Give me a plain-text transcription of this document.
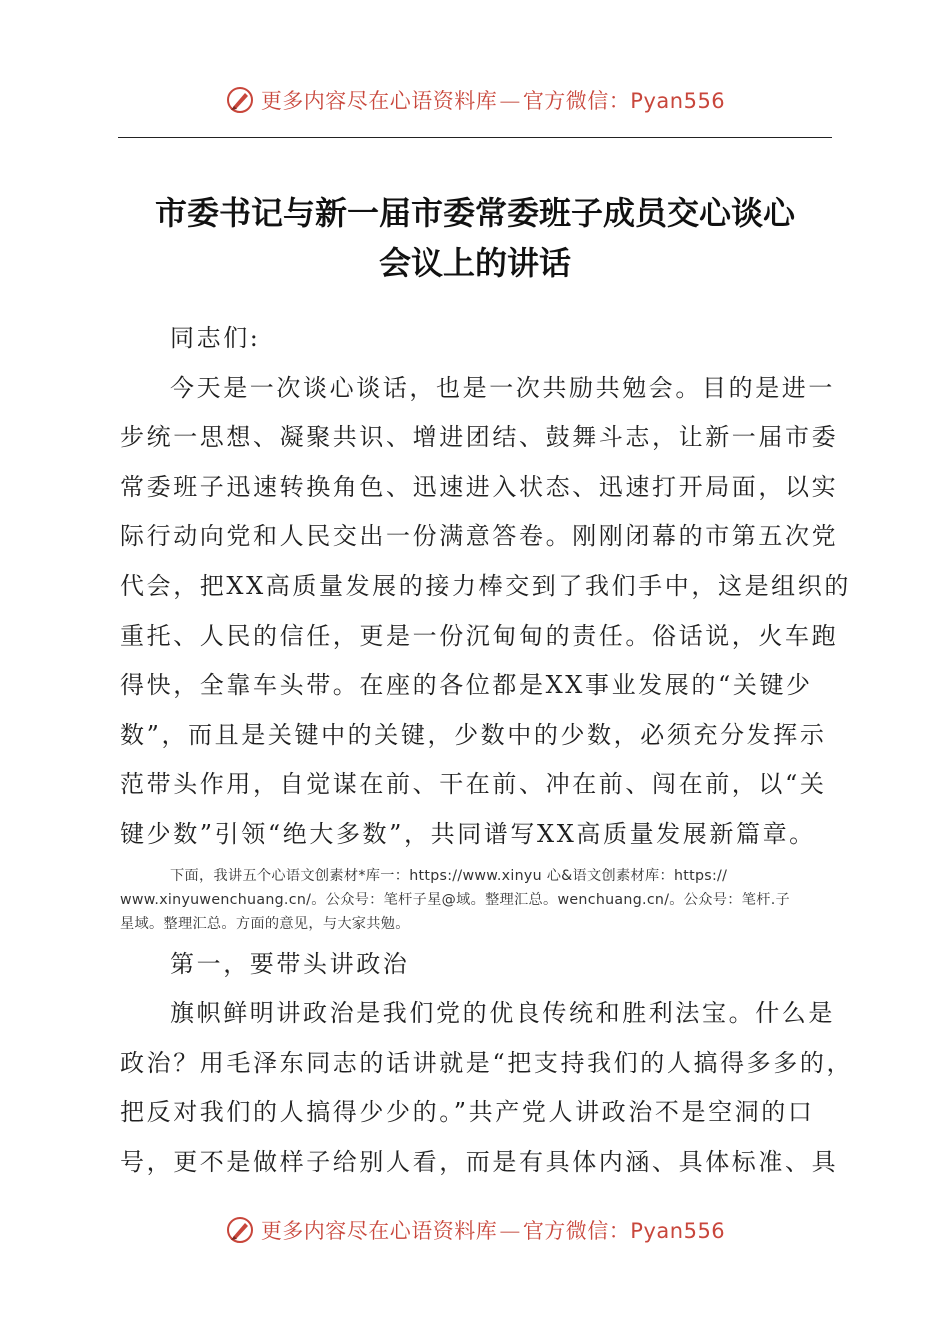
更多内容尽在心语资料库—官方微信：Pyan556
市委书记与新一届市委常委班子成员交心谈心
会议上的讲话
同志们:
今天是一次谈心谈话，也是一次共励共勉会。目的是进一
步统一思想、凝聚共识、增进团结、鼓舞斗志，让新一届市委
常委班子迅速转换角色、迅速进入状态、迅速打开局面，以实
际行动向党和人民交出一份满意答卷。刚刚闭幕的市第五次党
代会，把XX高质量发展的接力棒交到了我们手中，这是组织的
重托、人民的信任，更是一份沉甸甸的责任。俗话说，火车跑
得快，全靠车头带。在座的各位都是XX事业发展的“关键少
数”，而且是关键中的关键，少数中的少数，必须充分发挥示
范带头作用，自觉谋在前、干在前、冲在前、闯在前，以“关
键少数”引领“绝大多数”，共同谱写XX高质量发展新篇章。
下面，我讲五个心语文创素材*库一：https://www.xinyu 心&语文创素材库：https://
www.xinyuwenchuang.cn/。公众号：笔杆子星@域。整理汇总。wenchuang.cn/。公众号：笔杆.子
星域。整理汇总。方面的意见，与大家共勉。
第一，要带头讲政治
旗帜鲜明讲政治是我们党的优良传统和胜利法宝。什么是
政治？用毛泽东同志的话讲就是“把支持我们的人搞得多多的，
把反对我们的人搞得少少的。”共产党人讲政治不是空洞的口
号，更不是做样子给别人看，而是有具体内涵、具体标准、具
更多内容尽在心语资料库—官方微信：Pyan556
